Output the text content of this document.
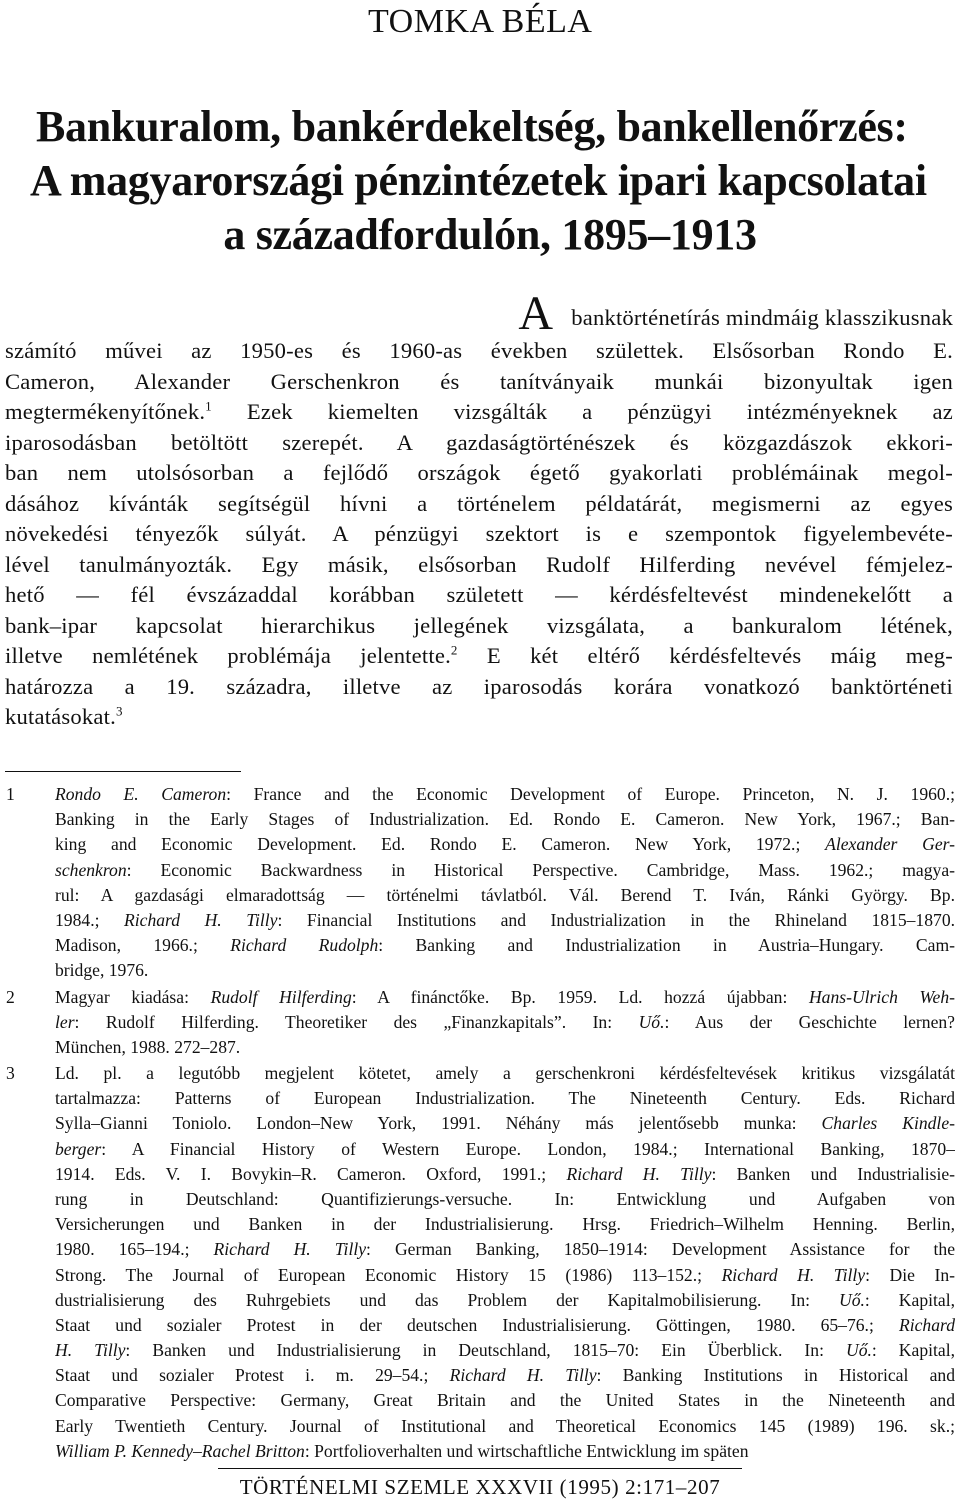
TOMKA BÉLA
Bankuralom, bankérdekeltség, bankellenőrzés:
A magyarországi pénzintézetek ipari kapcsolatai
a századfordulón, 1895–1913
Abanktörténetírás mindmáig klasszikusnak
számító művei az 1950-es és 1960-as években születtek. Elsősorban Rondo E.
Cameron, Alexander Gerschenkron és tanítványaik munkái bizonyultak igen
megtermékenyítőnek.$^1$ Ezek kiemelten vizsgálták a pénzügyi intézményeknek az
iparosodásban betöltött szerepét. A gazdaságtörténészek és közgazdászok ekkori-
ban nem utolsósorban a fejlődő országok égető gyakorlati problémáinak megol-
dásához kívánták segítségül hívni a történelem példatárát, megismerni az egyes
növekedési tényezők súlyát. A pénzügyi szektort is e szempontok figyelembevéte-
lével tanulmányozták. Egy másik, elsősorban Rudolf Hilferding nevével fémjelez-
hető — fél évszázaddal korábban született — kérdésfeltevést mindenekelőtt a
bank–ipar kapcsolat hierarchikus jellegének vizsgálata, a bankuralom létének,
illetve nemlétének problémája jelentette.$^2$ E két eltérő kérdésfeltevés máig meg-
határozza a 19. századra, illetve az iparosodás korára vonatkozó banktörténeti
kutatásokat.$^3$
1	Rondo E. Cameron: France and the Economic Development of Europe. Princeton, N. J. 1960.;
Banking in the Early Stages of Industrialization. Ed. Rondo E. Cameron. New York, 1967.; Ban-
king and Economic Development. Ed. Rondo E. Cameron. New York, 1972.; Alexander Ger-
schenkron: Economic Backwardness in Historical Perspective. Cambridge, Mass. 1962.; magya-
rul: A gazdasági elmaradottság — történelmi távlatból. Vál. Berend T. Iván, Ránki György. Bp.
1984.; Richard H. Tilly: Financial Institutions and Industrialization in the Rhineland 1815–1870.
Madison, 1966.; Richard Rudolph: Banking and Industrialization in Austria–Hungary. Cam-
bridge, 1976.
2	Magyar kiadása: Rudolf Hilferding: A finánctőke. Bp. 1959. Ld. hozzá újabban: Hans-Ulrich Weh-
ler: Rudolf Hilferding. Theoretiker des „Finanzkapitals”. In: Uő.: Aus der Geschichte lernen?
München, 1988. 272–287.
3	Ld. pl. a legutóbb megjelent kötetet, amely a gerschenkroni kérdésfeltevések kritikus vizsgálatát
tartalmazza: Patterns of European Industrialization. The Nineteenth Century. Eds. Richard
Sylla–Gianni Toniolo. London–New York, 1991. Néhány más jelentősebb munka: Charles Kindle-
berger: A Financial History of Western Europe. London, 1984.; International Banking, 1870–
1914. Eds. V. I. Bovykin–R. Cameron. Oxford, 1991.; Richard H. Tilly: Banken und Industrialisie-
rung in Deutschland: Quantifizierungs-versuche. In: Entwicklung und Aufgaben von
Versicherungen und Banken in der Industrialisierung. Hrsg. Friedrich–Wilhelm Henning. Berlin,
1980. 165–194.; Richard H. Tilly: German Banking, 1850–1914: Development Assistance for the
Strong. The Journal of European Economic History 15 (1986) 113–152.; Richard H. Tilly: Die In-
dustrialisierung des Ruhrgebiets und das Problem der Kapitalmobilisierung. In: Uő.: Kapital,
Staat und sozialer Protest in der deutschen Industrialisierung. Göttingen, 1980. 65–76.; Richard
H. Tilly: Banken und Industrialisierung in Deutschland, 1815–70: Ein Überblick. In: Uő.: Kapital,
Staat und sozialer Protest i. m. 29–54.; Richard H. Tilly: Banking Institutions in Historical and
Comparative Perspective: Germany, Great Britain and the United States in the Nineteenth and
Early Twentieth Century. Journal of Institutional and Theoretical Economics 145 (1989) 196. sk.;
William P. Kennedy–Rachel Britton: Portfolioverhalten und wirtschaftliche Entwicklung im späten
TÖRTÉNELMI SZEMLE XXXVII (1995) 2:171–207
